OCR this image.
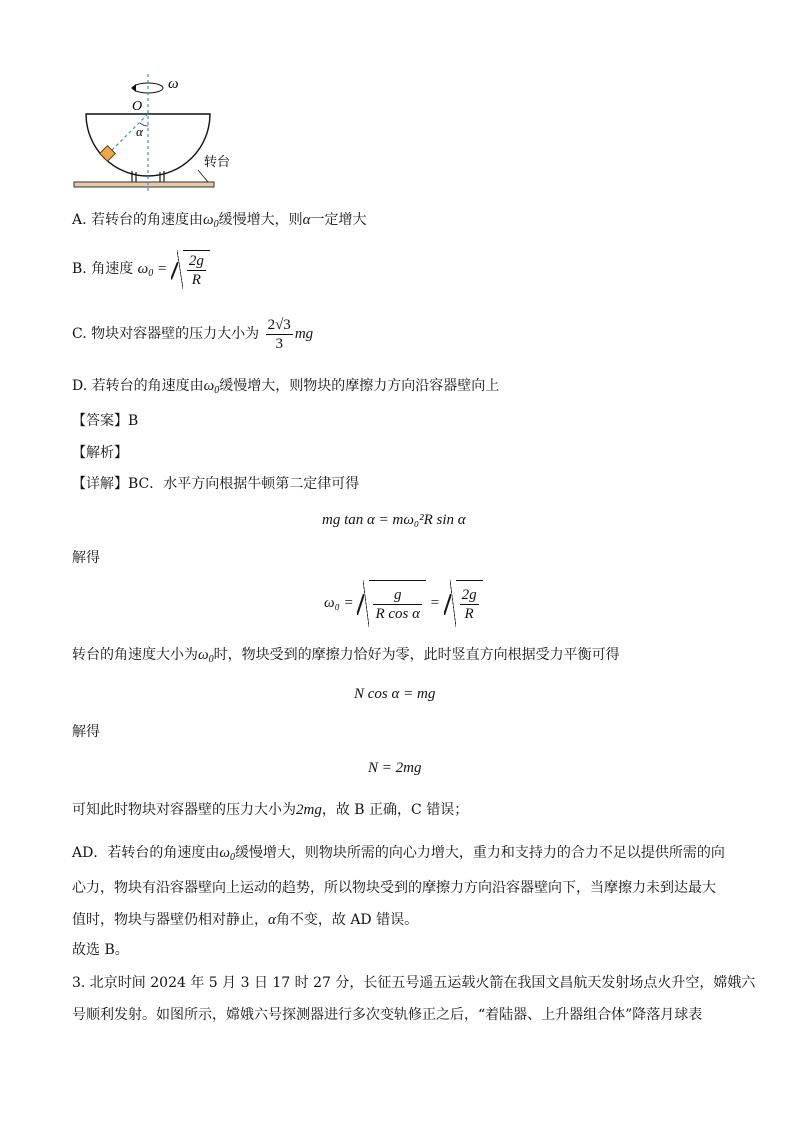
ω
O
α
转台
A. 若转台的角速度由$\omega_0$缓慢增大，则α一定增大
B. 角速度 $\omega_0 = \frac{2g}{R}$
C. 物块对容器壁的压力大小为 $\frac{2√3}{3}$ mg
D. 若转台的角速度由$\omega_0$缓慢增大，则物块的摩擦力方向沿容器壁向上
【答案】B
【解析】
【详解】BC．水平方向根据牛顿第二定律可得
mg tan α = mω₀²R sin α
解得
$\omega_0 = \frac{g}{\text{R cos α}} = \frac{2g}{R}$
转台的角速度大小为$\omega_0$时，物块受到的摩擦力恰好为零，此时竖直方向根据受力平衡可得
N cos α = mg
解得
N = 2mg
可知此时物块对容器壁的压力大小为2mg，故 B 正确，C 错误；
AD．若转台的角速度由$\omega_0$缓慢增大，则物块所需的向心力增大，重力和支持力的合力不足以提供所需的向
心力，物块有沿容器壁向上运动的趋势，所以物块受到的摩擦力方向沿容器壁向下，当摩擦力未到达最大
值时，物块与器壁仍相对静止，α角不变，故 AD 错误。
故选 B。
3. 北京时间 2024 年 5 月 3 日 17 时 27 分，长征五号遥五运载火箭在我国文昌航天发射场点火升空，嫦娥六
号顺利发射。如图所示，嫦娥六号探测器进行多次变轨修正之后，“着陆器、上升器组合体”降落月球表
